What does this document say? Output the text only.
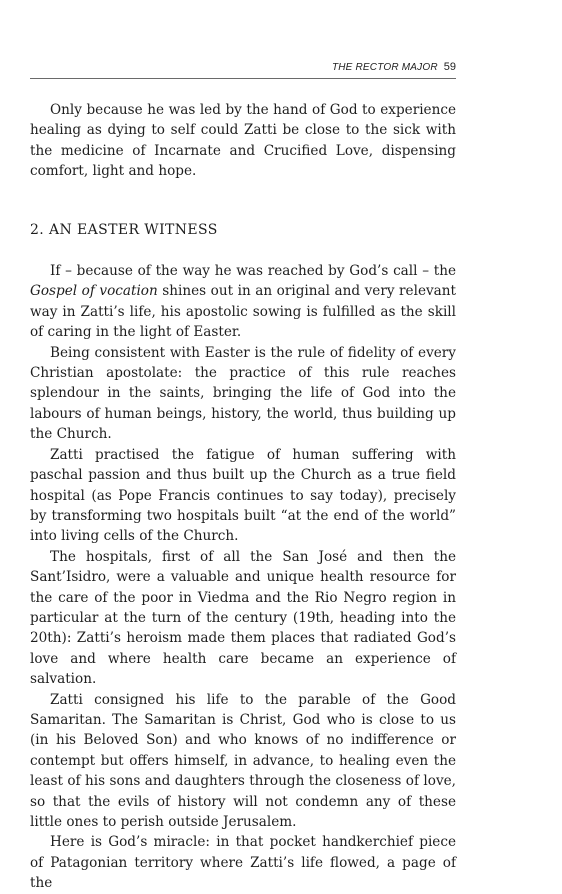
THE RECTOR MAJOR 59

Only because he was led by the hand of God to experience healing as dying to self could Zatti be close to the sick with the medicine of Incarnate and Crucified Love, dispensing comfort, light and hope.

2. AN EASTER WITNESS

If – because of the way he was reached by God’s call – the Gospel of vocation shines out in an original and very relevant way in Zatti’s life, his apostolic sowing is fulfilled as the skill of caring in the light of Easter.

Being consistent with Easter is the rule of fidelity of every Christian apostolate: the practice of this rule reaches splendour in the saints, bringing the life of God into the labours of human beings, history, the world, thus building up the Church.

Zatti practised the fatigue of human suffering with paschal passion and thus built up the Church as a true field hospital (as Pope Francis continues to say today), precisely by transforming two hospitals built “at the end of the world” into living cells of the Church.

The hospitals, first of all the San José and then the Sant’Isidro, were a valuable and unique health resource for the care of the poor in Viedma and the Rio Negro region in particular at the turn of the century (19th, heading into the 20th): Zatti’s heroism made them places that radiated God’s love and where health care became an experience of salvation.

Zatti consigned his life to the parable of the Good Samaritan. The Samaritan is Christ, God who is close to us (in his Beloved Son) and who knows of no indifference or contempt but offers himself, in advance, to healing even the least of his sons and daughters through the closeness of love, so that the evils of history will not condemn any of these little ones to perish outside Jerusalem.

Here is God’s miracle: in that pocket handkerchief piece of Patagonian territory where Zatti’s life flowed, a page of the
